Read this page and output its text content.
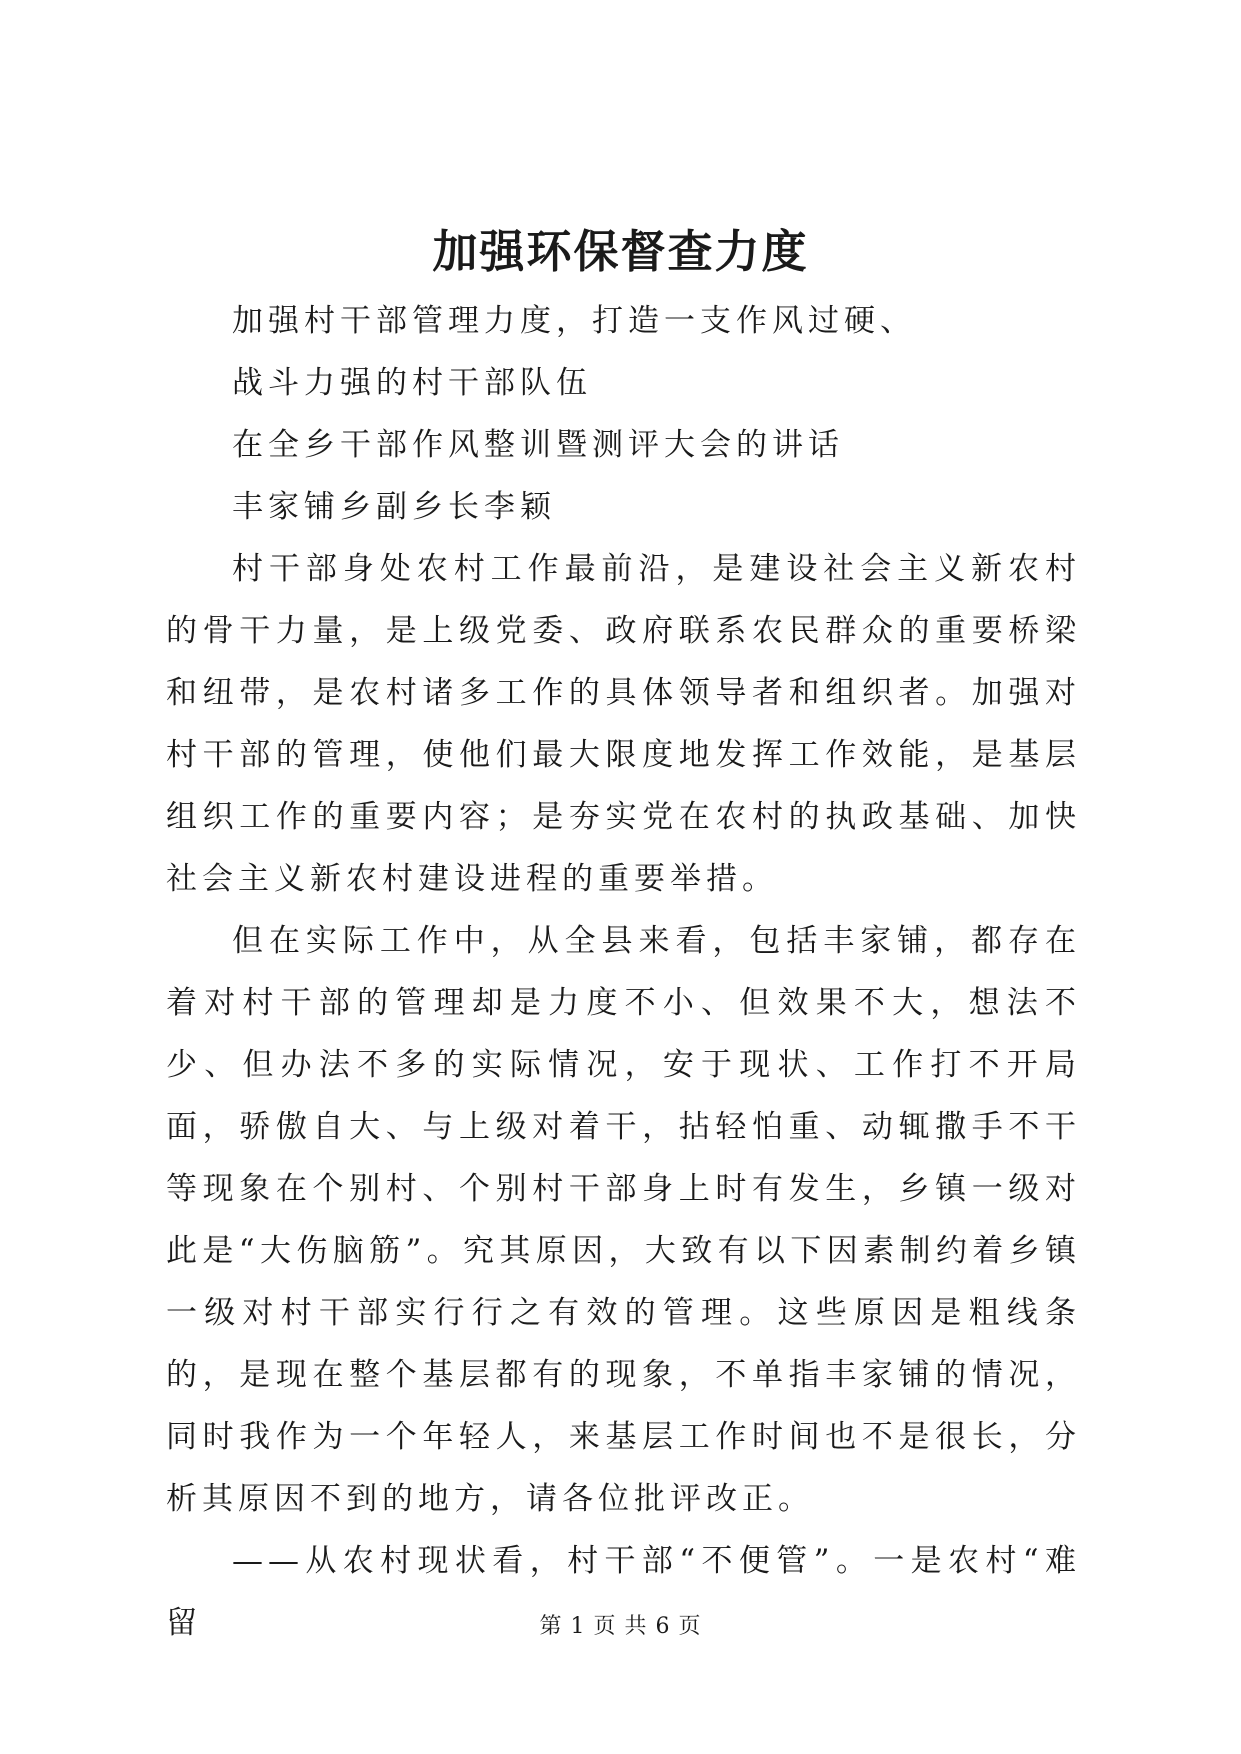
加强环保督查力度
加强村干部管理力度，打造一支作风过硬、
战斗力强的村干部队伍
在全乡干部作风整训暨测评大会的讲话
丰家铺乡副乡长李颖

村干部身处农村工作最前沿，是建设社会主义新农村的骨干力量，是上级党委、政府联系农民群众的重要桥梁和纽带，是农村诸多工作的具体领导者和组织者。加强对村干部的管理，使他们最大限度地发挥工作效能，是基层组织工作的重要内容；是夯实党在农村的执政基础、加快社会主义新农村建设进程的重要举措。

但在实际工作中，从全县来看，包括丰家铺，都存在着对村干部的管理却是力度不小、但效果不大，想法不少、但办法不多的实际情况，安于现状、工作打不开局面，骄傲自大、与上级对着干，拈轻怕重、动辄撒手不干等现象在个别村、个别村干部身上时有发生，乡镇一级对此是“大伤脑筋”。究其原因，大致有以下因素制约着乡镇一级对村干部实行行之有效的管理。这些原因是粗线条的，是现在整个基层都有的现象，不单指丰家铺的情况，同时我作为一个年轻人，来基层工作时间也不是很长，分析其原因不到的地方，请各位批评改正。

——从农村现状看，村干部“不便管”。一是农村“难留	第 1 页 共 6 页
